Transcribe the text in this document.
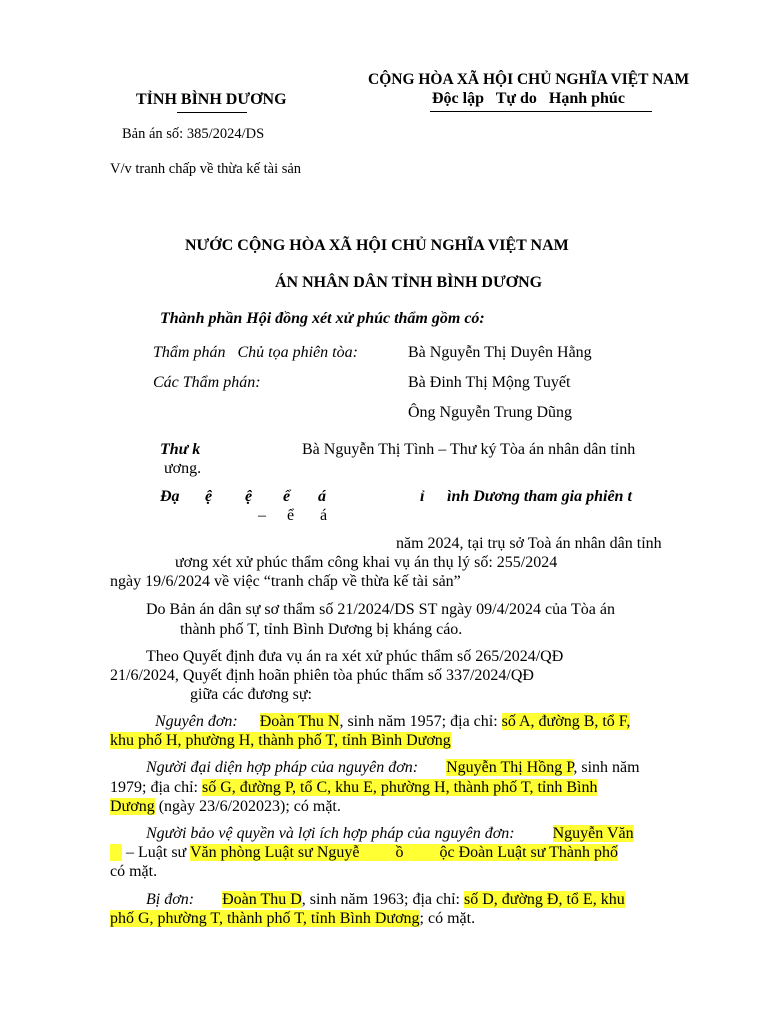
TỈNH BÌNH DƯƠNG
CỘNG HÒA XÃ HỘI CHỦ NGHĨA VIỆT NAM
Độc lập   Tự do   Hạnh phúc
Bản án số: 385/2024/DS
V/v tranh chấp về thừa kế tài sản
NƯỚC CỘNG HÒA XÃ HỘI CHỦ NGHĨA VIỆT NAM
ÁN NHÂN DÂN TỈNH BÌNH DƯƠNG
Thành phần Hội đồng xét xử phúc thẩm gồm có:
Thẩm phán   Chủ tọa phiên tòa:	Bà Nguyễn Thị Duyên Hằng
Các Thẩm phán:	Bà Đinh Thị Mộng Tuyết
Ông Nguyễn Trung Dũng
Thư k	Bà Nguyễn Thị Tình – Thư ký Tòa án nhân dân tỉnh
ương.
Đạ ệ ệ ể á	ỉ ình Dương tham gia phiên t
– ể á
năm 2024, tại trụ sở Toà án nhân dân tỉnh
ương xét xử phúc thẩm công khai vụ án thụ lý số: 255/2024
ngày 19/6/2024 về việc “tranh chấp về thừa kế tài sản”
Do Bản án dân sự sơ thẩm số 21/2024/DS ST ngày 09/4/2024 của Tòa án
thành phố T, tỉnh Bình Dương bị kháng cáo.
Theo Quyết định đưa vụ án ra xét xử phúc thẩm số 265/2024/QĐ
21/6/2024, Quyết định hoãn phiên tòa phúc thẩm số 337/2024/QĐ
giữa các đương sự:
Nguyên đơn: Đoàn Thu N, sinh năm 1957; địa chỉ: số A, đường B, tổ F,
khu phố H, phường H, thành phố T, tỉnh Bình Dương
Người đại diện hợp pháp của nguyên đơn: Nguyễn Thị Hồng P, sinh năm
1979; địa chỉ: số G, đường P, tổ C, khu E, phường H, thành phố T, tỉnh Bình
Dương (ngày 23/6/202023); có mặt.
Người bảo vệ quyền và lợi ích hợp pháp của nguyên đơn: Nguyễn Văn
– Luật sư Văn phòng Luật sư Nguyễ         ồ         ộc Đoàn Luật sư Thành phố
có mặt.
Bị đơn: Đoàn Thu D, sinh năm 1963; địa chỉ: số D, đường Đ, tổ E, khu
phố G, phường T, thành phố T, tỉnh Bình Dương; có mặt.
